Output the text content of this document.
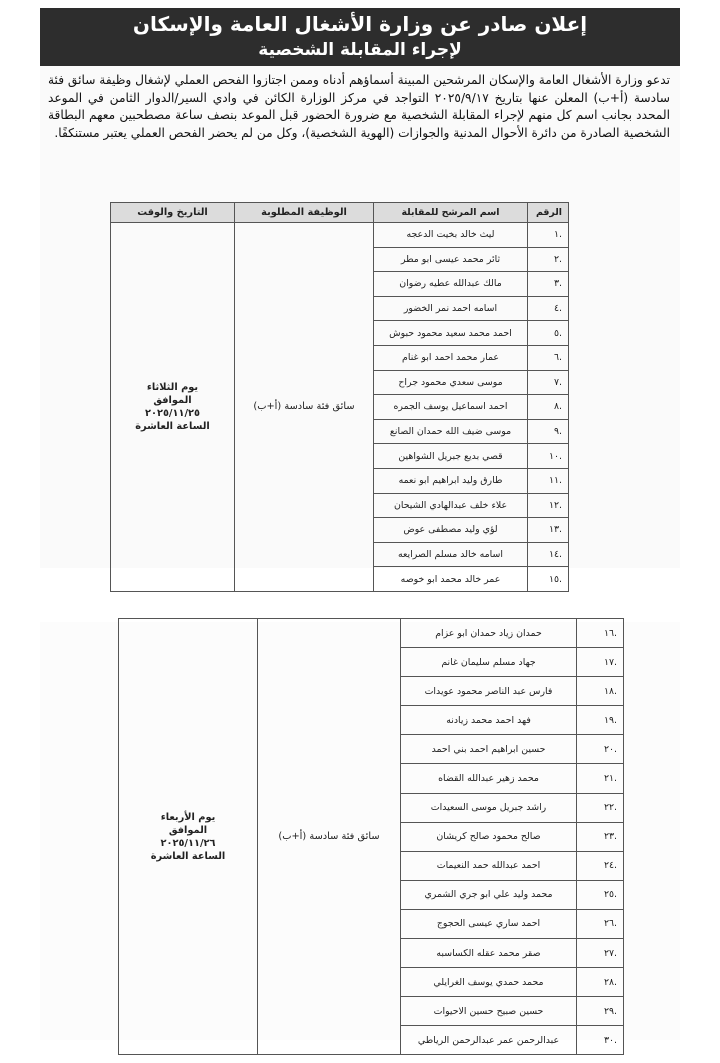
إعلان صادر عن وزارة الأشغال العامة والإسكان
لإجراء المقابلة الشخصية
تدعو وزارة الأشغال العامة والإسكان المرشحين المبينة أسماؤهم أدناه وممن اجتازوا الفحص العملي لإشغال وظيفة سائق فئة سادسة (أ+ب) المعلن عنها بتاريخ ٢٠٢٥/٩/١٧ التواجد في مركز الوزارة الكائن في وادي السير/الدوار الثامن في الموعد المحدد بجانب اسم كل منهم لإجراء المقابلة الشخصية مع ضرورة الحضور قبل الموعد بنصف ساعة مصطحبين معهم البطاقة الشخصية الصادرة من دائرة الأحوال المدنية والجوازات (الهوية الشخصية)، وكل من لم يحضر الفحص العملي يعتبر مستنكفًا.
الرقم	اسم المرشح للمقابلة	الوظيفة المطلوبة	التاريخ والوقت
.١	ليث خالد بخيت الدعجه	سائق فئة سادسة (أ+ب)	يوم الثلاثاء
الموافق
٢٠٢٥/١١/٢٥
الساعة العاشرة

.٢	ثائر محمد عيسى ابو مطر		
.٣	مالك عبدالله عطيه رضوان		
.٤	اسامه احمد نمر الخضور		
.٥	احمد محمد سعيد محمود حبوش		
.٦	عمار محمد احمد ابو غنام		
.٧	موسى سعدي محمود جراح		
.٨	احمد اسماعيل يوسف الجمره		
.٩	موسى ضيف الله حمدان الصانع		
.١٠	قصي بديع جبريل الشواهين		
.١١	طارق وليد ابراهيم ابو نعمه		
.١٢	علاء خلف عبدالهادي الشيحان		
.١٣	لؤي وليد مصطفى عوض		
.١٤	اسامه خالد مسلم الصرايعه		
.١٥	عمر خالد محمد ابو خوصه		
.١٦	حمدان زياد حمدان ابو عزام	سائق فئة سادسة (أ+ب)	يوم الأربعاء
الموافق
٢٠٢٥/١١/٢٦
الساعة العاشرة

.١٧	جهاد مسلم سليمان غانم		
.١٨	فارس عبد الناصر محمود عويدات		
.١٩	فهد احمد محمد زيادنه		
.٢٠	حسين ابراهيم احمد بني احمد		
.٢١	محمد زهير عبدالله القضاه		
.٢٢	راشد جبريل موسى السعيدات		
.٢٣	صالح محمود صالح كريشان		
.٢٤	احمد عبدالله حمد النعيمات		
.٢٥	محمد وليد علي ابو جري الشمري		
.٢٦	احمد ساري عيسى الحجوج		
.٢٧	صقر محمد عقله الكساسبه		
.٢٨	محمد حمدي يوسف الغرايلي		
.٢٩	حسين صبيح حسين الاحيوات		
.٣٠	عبدالرحمن عمر عبدالرحمن الرياطي		
